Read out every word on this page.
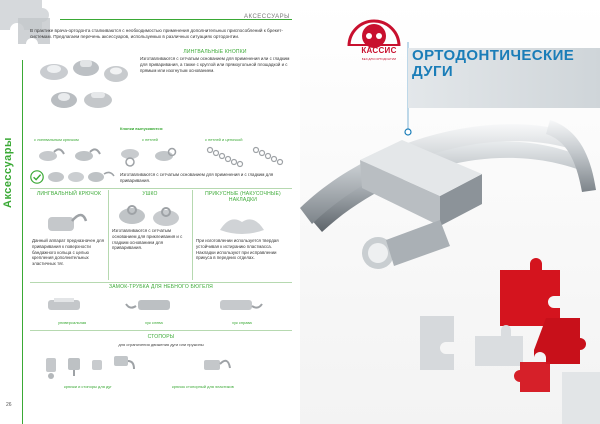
Аксессуары
АКСЕССУАРЫ
В практике врача-ортодонта сталкиваются с необходимостью применения дополнительных приспособлений к брекет-системам. Предлагаем перечень аксессуаров, используемых в различных ситуациях ортодонтии.
ЛИНГВАЛЬНЫЕ КНОПКИ
Изготавливаются с сетчатым основанием для применения или с гладким для приваривания, а также с круглой или прямоугольной площадкой и с прямым или изогнутым основанием.
Кнопки выпускаются:
с лингвальным крючком	с петлей	с петлей и цепочкой
Изготавливаются с сетчатым основанием для применения и с гладким для приваривания.
ЛИНГВАЛЬНЫЙ КРЮЧОК
Данный аппарат предназначен для приваривания к поверхности бандажного кольца с целью крепления дополнительных эластичных тяг.
УШКО
Изготавливаются с сетчатым основанием для приклеивания и с гладким основанием для приваривания.
ПРИКУСНЫЕ (НАКУСОЧНЫЕ) НАКЛАДКИ
При изготовлении используется твердая устойчивая к истиранию пластмасса. Накладки используют при исправлении прикуса в передних отделах.
ЗАМОК-ТРУБКА ДЛЯ НЕБНОГО БЮГЕЛЯ
универсальная	хук слева	хук справа
СТОПОРЫ
для ограничения движения дуги или пружины
крючки и стопоры для дуг	крючок стопорный для эластиков
26
КАССИС
БЕЗ ДЛЯ ОРТОДОНТИИ	ОРТОДОНТИЧЕСКИЕ ДУГИ
